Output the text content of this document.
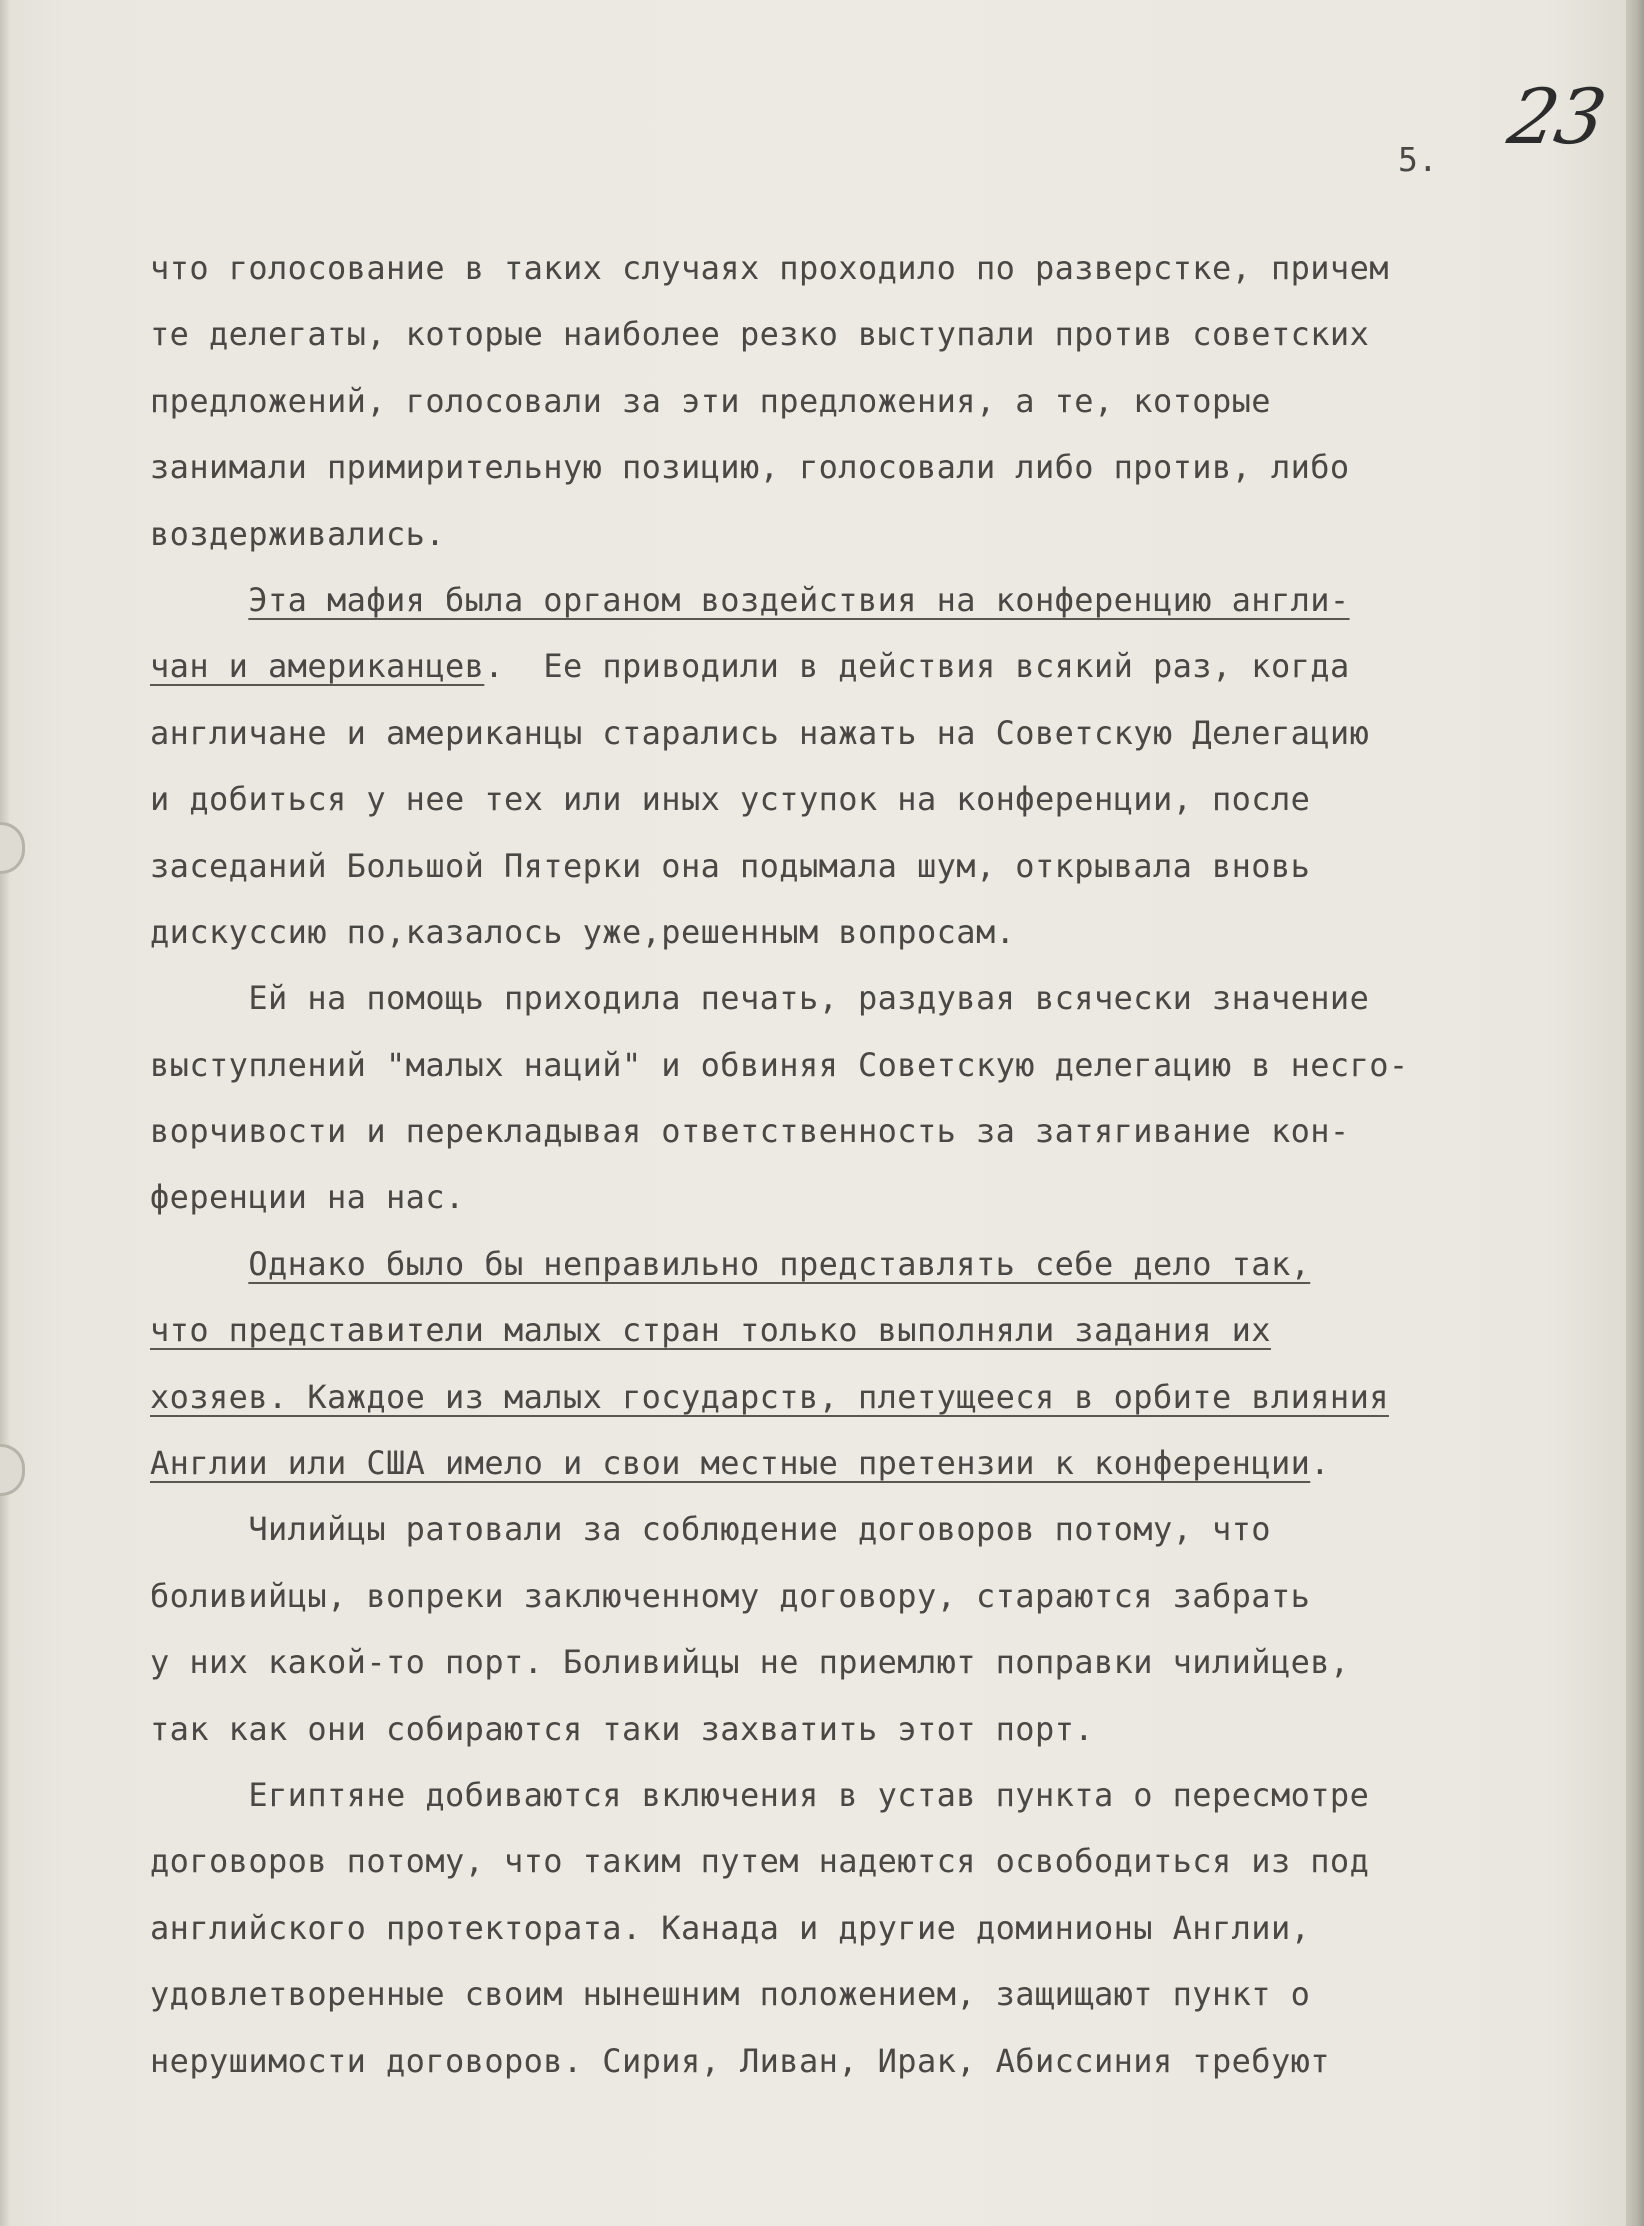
23
5.
что голосование в таких случаях проходило по разверстке, причем
те делегаты, которые наиболее резко выступали против советских
предложений, голосовали за эти предложения, а те, которые
занимали примирительную позицию, голосовали либо против, либо
воздерживались.
Эта мафия была органом воздействия на конференцию англи-
чан и американцев.  Ее приводили в действия всякий раз, когда
англичане и американцы старались нажать на Советскую Делегацию
и добиться у нее тех или иных уступок на конференции, после
заседаний Большой Пятерки она подымала шум, открывала вновь
дискуссию по,казалось уже,решенным вопросам.
Ей на помощь приходила печать, раздувая всячески значение
выступлений "малых наций" и обвиняя Советскую делегацию в несго-
ворчивости и перекладывая ответственность за затягивание кон-
ференции на нас.
Однако было бы неправильно представлять себе дело так,
что представители малых стран только выполняли задания их
хозяев. Каждое из малых государств, плетущееся в орбите влияния
Англии или США имело и свои местные претензии к конференции.
Чилийцы ратовали за соблюдение договоров потому, что
боливийцы, вопреки заключенному договору, стараются забрать
у них какой-то порт. Боливийцы не приемлют поправки чилийцев,
так как они собираются таки захватить этот порт.
Египтяне добиваются включения в устав пункта о пересмотре
договоров потому, что таким путем надеются освободиться из под
английского протектората. Канада и другие доминионы Англии,
удовлетворенные своим нынешним положением, защищают пункт о
нерушимости договоров. Сирия, Ливан, Ирак, Абиссиния требуют
